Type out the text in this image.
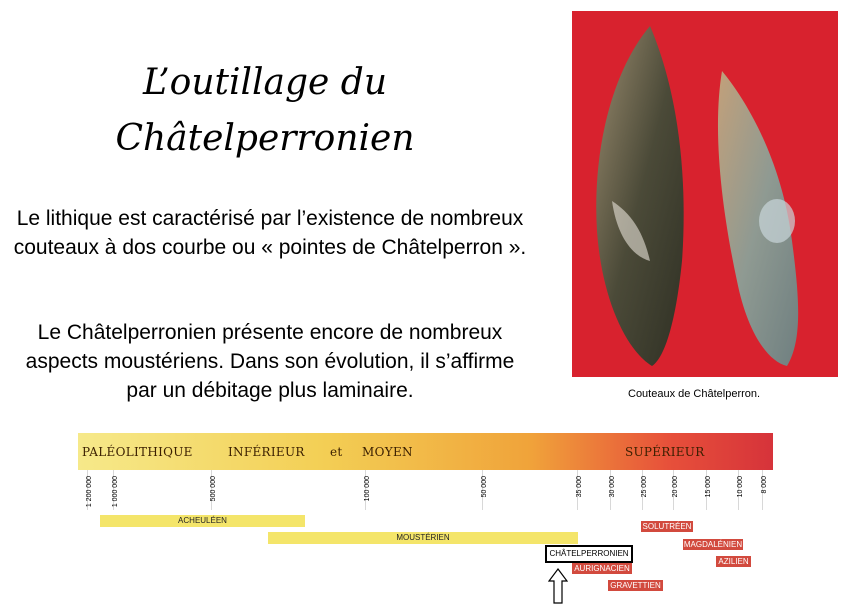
L’outillage du
Châtelperronien
Le lithique est caractérisé par l’existence de nombreux couteaux à dos courbe ou « pointes de Châtelperron ».
Le Châtelperronien présente encore de nombreux aspects moustériens. Dans son évolution, il s’affirme par un débitage plus laminaire.	Couteaux de Châtelperron.
PALÉOLITHIQUE	INFÉRIEUR et MOYEN	SUPÉRIEUR
1 200 000	1 000 000	500 000	100 000	50 000	35 000	30 000	25 000	20 000	15 000	10 000 8 000
ACHEULÉEN
MOUSTÉRIEN
CHÂTELPERRONIEN
AURIGNACIEN
GRAVETTIEN
SOLUTRÉEN
MAGDALÉNIEN
AZILIEN
